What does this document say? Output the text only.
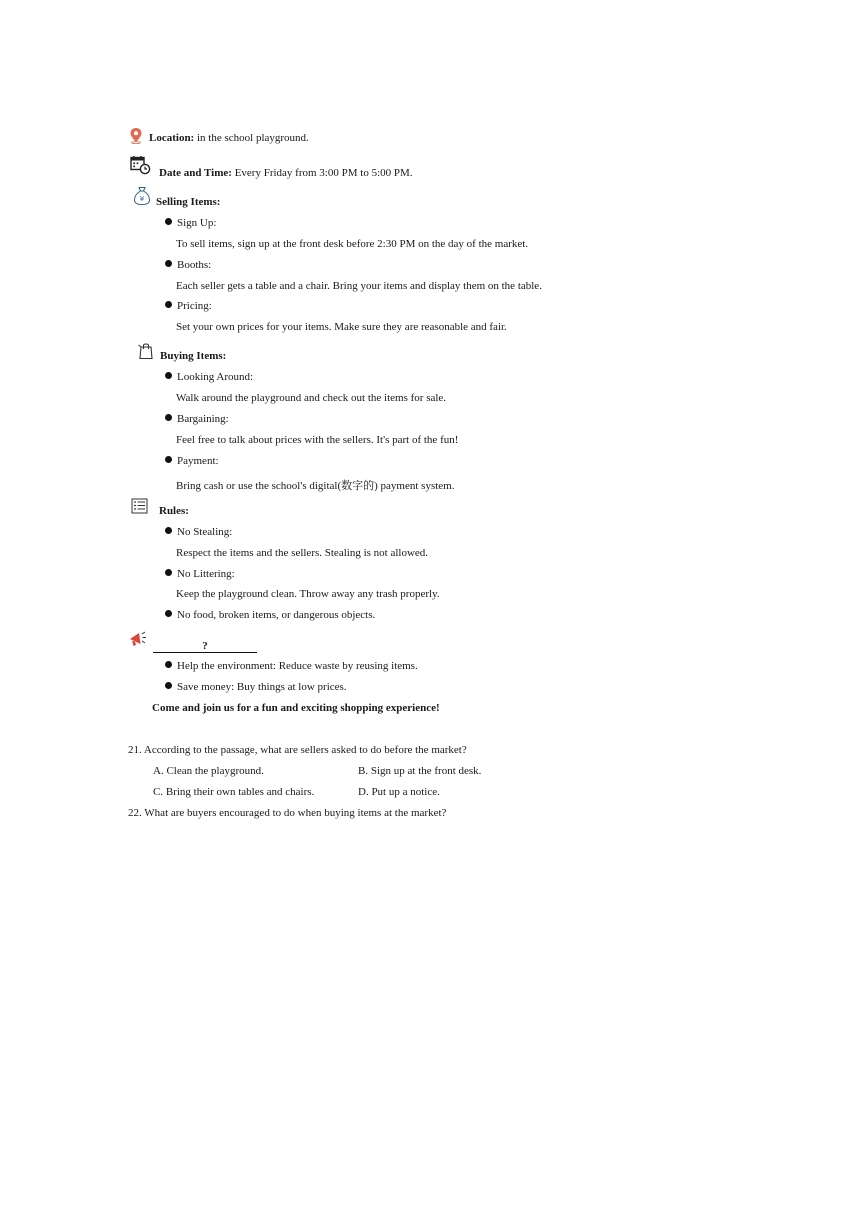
Location: in the school playground.
Date and Time: Every Friday from 3:00 PM to 5:00 PM.
¥ Selling Items:
Sign Up:
To sell items, sign up at the front desk before 2:30 PM on the day of the market.
Booths:
Each seller gets a table and a chair. Bring your items and display them on the table.
Pricing:
Set your own prices for your items. Make sure they are reasonable and fair.
Buying Items:
Looking Around:
Walk around the playground and check out the items for sale.
Bargaining:
Feel free to talk about prices with the sellers. It's part of the fun!
Payment:
Bring cash or use the school's digital(数字的) payment system.
Rules:
No Stealing:
Respect the items and the sellers. Stealing is not allowed.
No Littering:
Keep the playground clean. Throw away any trash properly.
No food, broken items, or dangerous objects.
?
Help the environment: Reduce waste by reusing items.
Save money: Buy things at low prices.
Come and join us for a fun and exciting shopping experience!
21. According to the passage, what are sellers asked to do before the market?
A. Clean the playground.	B. Sign up at the front desk.
C. Bring their own tables and chairs.	D. Put up a notice.
22. What are buyers encouraged to do when buying items at the market?
